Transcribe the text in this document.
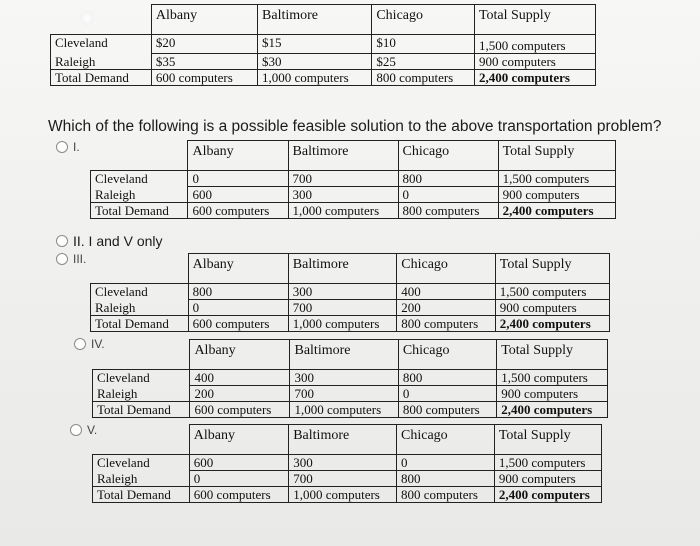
	Albany	Baltimore	Chicago	Total Supply
Cleveland	$20	$15	$10	1,500 computers
Raleigh	$35	$30	$25	900 computers
Total Demand	600 computers	1,000 computers	800 computers	2,400 computers
Which of the following is a possible feasible solution to the above transportation problem?
I.
		Albany	Baltimore	Chicago	Total Supply
Cleveland	0	700	800	1,500 computers
Raleigh	600	300	0	900 computers
Total Demand	600 computers	1,000 computers	800 computers	2,400 computers
II. I and V only
III.
		Albany	Baltimore	Chicago	Total Supply
Cleveland	800	300	400	1,500 computers
Raleigh	0	700	200	900 computers
Total Demand	600 computers	1,000 computers	800 computers	2,400 computers
IV.
		Albany	Baltimore	Chicago	Total Supply
Cleveland	400	300	800	1,500 computers
Raleigh	200	700	0	900 computers
Total Demand	600 computers	1,000 computers	800 computers	2,400 computers
V.
		Albany	Baltimore	Chicago	Total Supply
Cleveland	600	300	0	1,500 computers
Raleigh	0	700	800	900 computers
Total Demand	600 computers	1,000 computers	800 computers	2,400 computers
